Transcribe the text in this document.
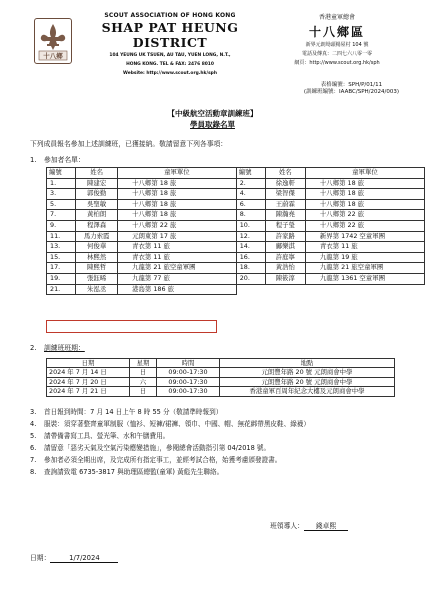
十八鄉
SCOUT ASSOCIATION OF HONG KONG
SHAP PAT HEUNG DISTRICT
104 YEUNG UK TSUEN, AU TAU, YUEN LONG, N.T.,
HONG KONG. TEL & FAX: 2476 8010
Website: http://www.scout.org.hk/sph
香港童軍總會
十八鄉區
新界元朗坳頭楊屋村 104 號
電話及傳真：二四七六八零一零
網頁：http://www.scout.org.hk/sph
表格編號：SPH/P/01/11
(訓練班編號：IAABC/SPH/2024/003)
【中級航空活動章訓練班】
學員取錄名單
下列成員報名參加上述訓練班，已獲接納。敬請留意下列各事項：
1. 參加者名單：
編號	姓名	童軍單位	編號	姓名	童軍單位
1.	陳建宏	十八鄉第 18 旅	2.	徐逸軒	十八鄉第 18 旅
3.	郭俊勤	十八鄉第 18 旅	4.	梁智傑	十八鄉第 18 旅
5.	吳聖敏	十八鄉第 18 旅	6.	王蔚霖	十八鄉第 18 旅
7.	黃柏朗	十八鄉第 18 旅	8.	陳瀚堯	十八鄉第 22 旅
9.	程澤森	十八鄉第 22 旅	10.	程子瑩	十八鄉第 22 旅
11.	馬力索霞	元朗東第 17 旅	12.	許家路	新界第 1742 空童軍團
13.	何俊華	青衣第 11 旅	14.	鄺樂淇	青衣第 11 旅
15.	林熙然	青衣第 11 旅	16.	許庭寧	九龍第 19 旅
17.	陳熙哲	九龍第 21 旅空童軍團	18.	黃浩怡	九龍第 21 旅空童軍團
19.	張鈺晞	九龍第 77 旅	20.	陳筱淳	九龍第 1361 空童軍團
21.	朱泓丞	港島第 186 旅			
2. 訓練班班期：
日期	星期	時間	地點
2024 年 7 月 14 日	日	09:00-17:30	元朗豐年路 20 號 元朗商會中學
2024 年 7 月 20 日	六	09:00-17:30	元朗豐年路 20 號 元朗商會中學
2024 年 7 月 21 日	日	09:00-17:30	香港童軍百周年紀念大樓及元朗商會中學
3. 首日報到時間：7 月 14 日上午 8 時 55 分（敬請準時報到）
4. 服裝：須穿著整齊童軍制服（恤衫、短褲/裙褲、領巾、中國、帽、無花綁帶黑皮鞋、綠襪）
5. 請帶備書寫工具、螢光筆、水和午膳費用。
6. 請留意「惡劣天氣及空氣污染應變措施」，參閱總會活動指引第 04/2018 號。
7. 參加者必須全期出席，及完成所有指定事工，並經考試合格，始獲考慮頒發證書。
8. 查詢請致電 6735-3817 與助理區總監(童軍) 黃彪先生聯絡。
班領導人： 錢卓熙
日期：	1/7/2024
